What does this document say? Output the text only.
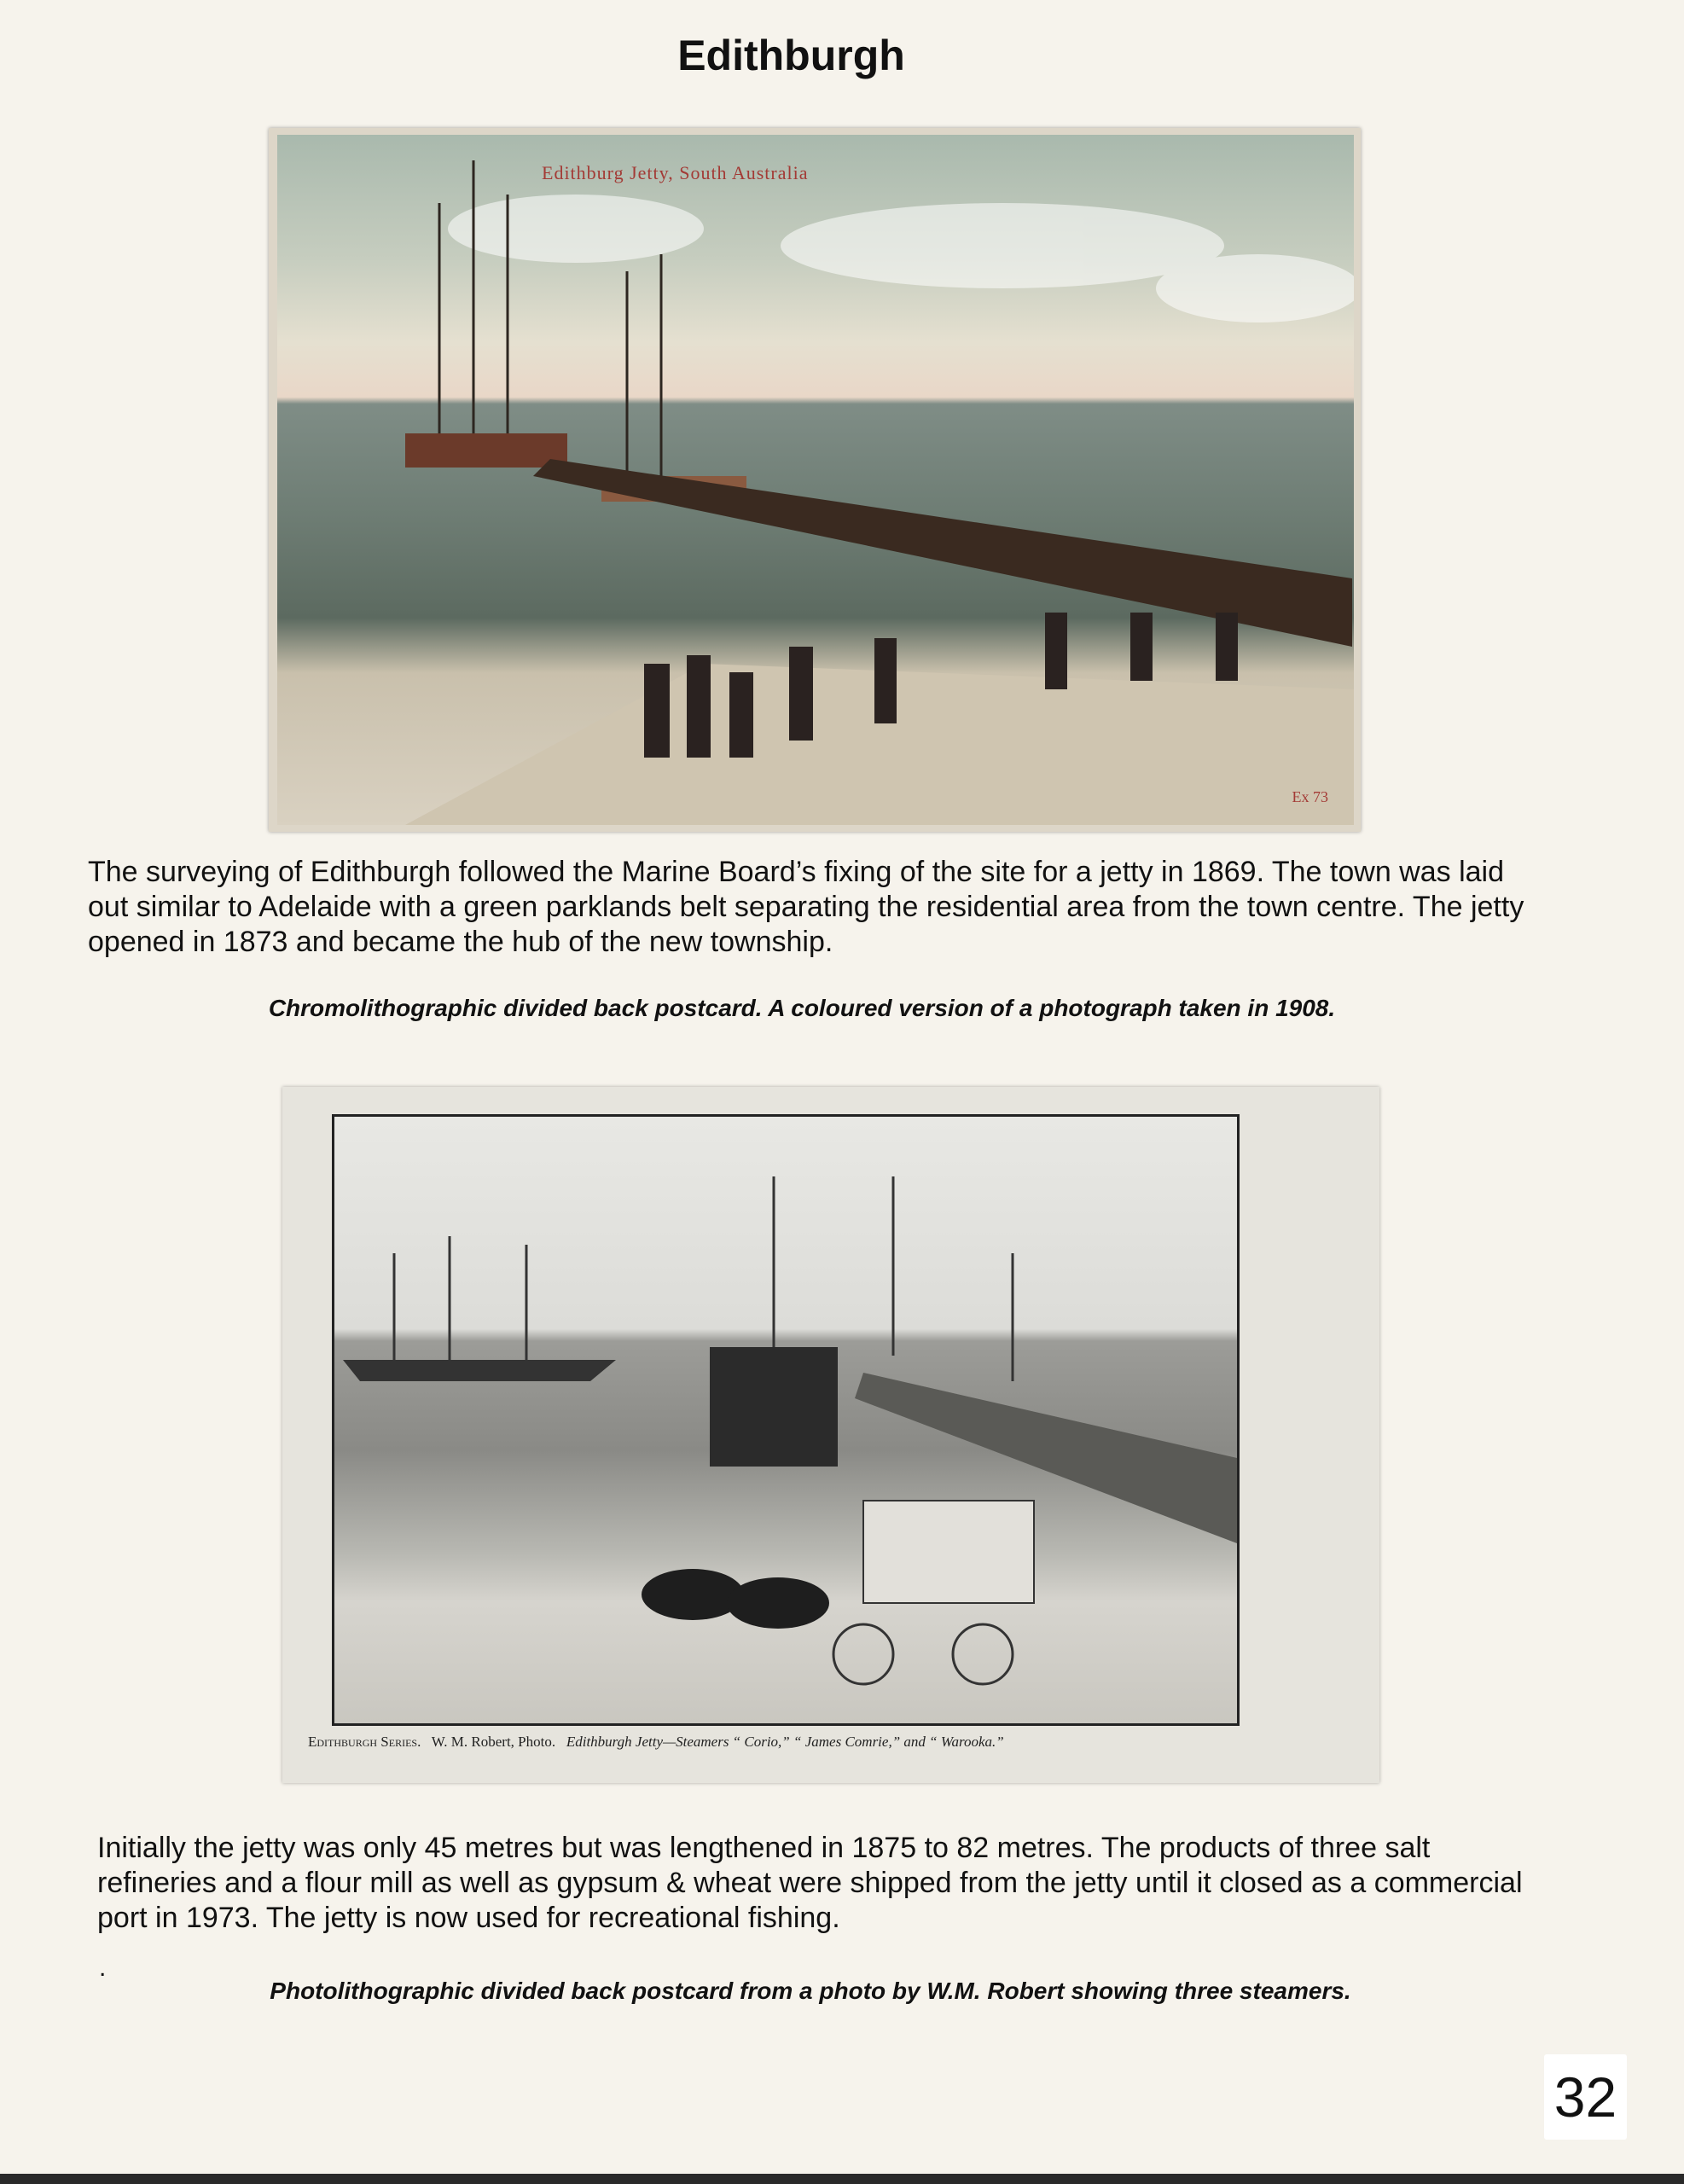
Edithburgh
Edithburg Jetty, South Australia
Ex 73
The surveying of Edithburgh followed the Marine Board’s fixing of the site for a jetty in 1869. The town was laid out similar to Adelaide with a green parklands belt separating the residential area from the town centre. The jetty opened in 1873 and became the hub of the new township.
Chromolithographic divided back postcard. A coloured version of a photograph taken in 1908.
Edithburgh Series. W. M. Robert, Photo. Edithburgh Jetty—Steamers “ Corio,” “ James Comrie,” and “ Warooka.”
Initially the jetty was only 45 metres but was lengthened in 1875 to 82 metres. The products of three salt refineries and a flour mill as well as gypsum & wheat were shipped from the jetty until it closed as a commercial port in 1973. The jetty is now used for recreational fishing.
.
Photolithographic divided back postcard from a photo by W.M. Robert showing three steamers.
32
